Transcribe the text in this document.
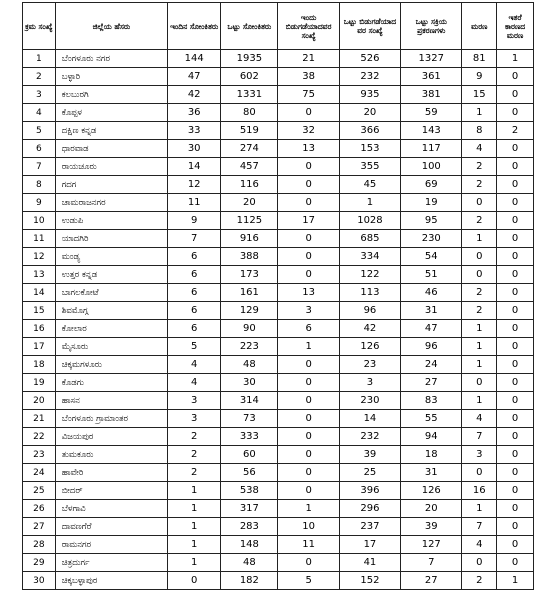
ಕ್ರಮ ಸಂಖ್ಯೆ	ಜಿಲ್ಲೆಯ ಹೆಸರು	ಇಂದಿನ ಸೋಂಕಿತರು	ಒಟ್ಟು ಸೋಂಕಿತರು	ಇಂದು ಬಿಡುಗಡೆಯಾದವರ ಸಂಖ್ಯೆ	ಒಟ್ಟು ಬಿಡುಗಡೆಯಾದ ವರ ಸಂಖ್ಯೆ	ಒಟ್ಟು ಸಕ್ರಿಯ ಪ್ರಕರಣಗಳು	ಮರಣ	ಇತರೆ ಕಾರಣದ ಮರಣ
1	ಬೆಂಗಳೂರು ನಗರ	144	1935	21	526	1327	81	1
2	ಬಳ್ಳಾರಿ	47	602	38	232	361	9	0
3	ಕಲಬುರಗಿ	42	1331	75	935	381	15	0
4	ಕೊಪ್ಪಳ	36	80	0	20	59	1	0
5	ದಕ್ಷಿಣ ಕನ್ನಡ	33	519	32	366	143	8	2
6	ಧಾರವಾಡ	30	274	13	153	117	4	0
7	ರಾಯಚೂರು	14	457	0	355	100	2	0
8	ಗದಗ	12	116	0	45	69	2	0
9	ಚಾಮರಾಜನಗರ	11	20	0	1	19	0	0
10	ಉಡುಪಿ	9	1125	17	1028	95	2	0
11	ಯಾದಗಿರಿ	7	916	0	685	230	1	0
12	ಮಂಡ್ಯ	6	388	0	334	54	0	0
13	ಉತ್ತರ ಕನ್ನಡ	6	173	0	122	51	0	0
14	ಬಾಗಲಕೋಟೆ	6	161	13	113	46	2	0
15	ಶಿವಮೊಗ್ಗ	6	129	3	96	31	2	0
16	ಕೋಲಾರ	6	90	6	42	47	1	0
17	ಮೈಸೂರು	5	223	1	126	96	1	0
18	ಚಿಕ್ಕಮಗಳೂರು	4	48	0	23	24	1	0
19	ಕೊಡಗು	4	30	0	3	27	0	0
20	ಹಾಸನ	3	314	0	230	83	1	0
21	ಬೆಂಗಳೂರು ಗ್ರಾಮಾಂತರ	3	73	0	14	55	4	0
22	ವಿಜಯಪುರ	2	333	0	232	94	7	0
23	ತುಮಕೂರು	2	60	0	39	18	3	0
24	ಹಾವೇರಿ	2	56	0	25	31	0	0
25	ಬೀದರ್	1	538	0	396	126	16	0
26	ಬೆಳಗಾವಿ	1	317	1	296	20	1	0
27	ದಾವಣಗೆರೆ	1	283	10	237	39	7	0
28	ರಾಮನಗರ	1	148	11	17	127	4	0
29	ಚಿತ್ರದುರ್ಗ	1	48	0	41	7	0	0
30	ಚಿಕ್ಕಬಳ್ಳಾಪುರ	0	182	5	152	27	2	1
